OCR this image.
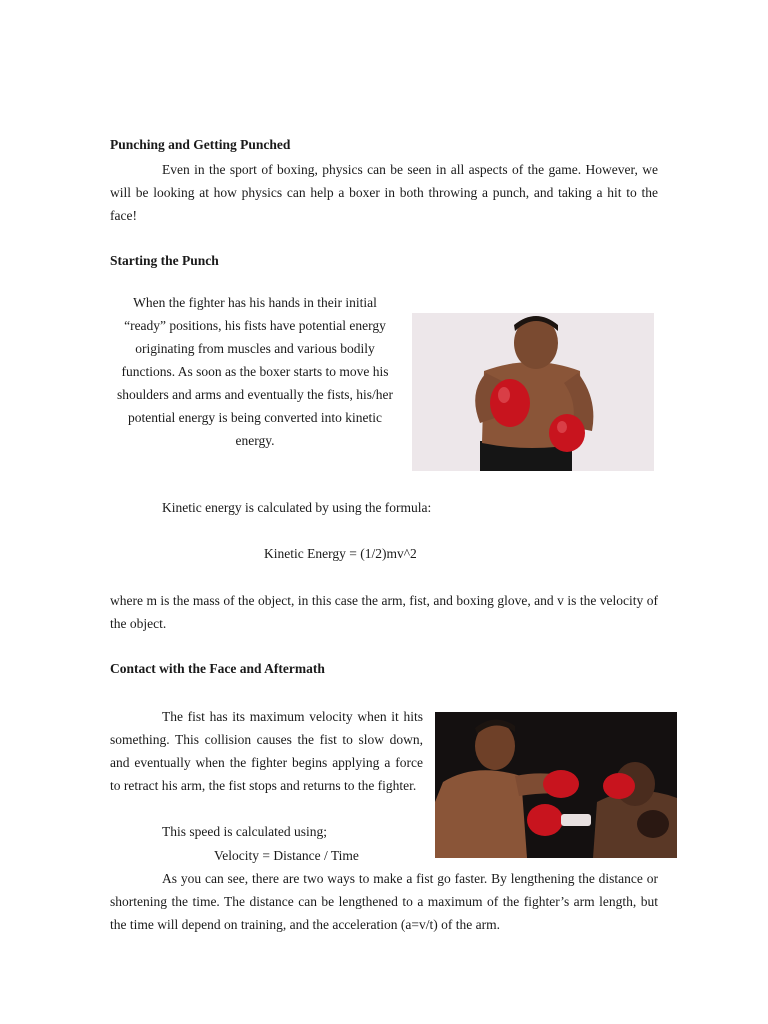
Punching and Getting Punched

Even in the sport of boxing, physics can be seen in all aspects of the game. However, we will be looking at how physics can help a boxer in both throwing a punch, and taking a hit to the face!

Starting the Punch

When the fighter has his hands in their initial “ready” positions, his fists have potential energy originating from muscles and various bodily functions. As soon as the boxer starts to move his shoulders and arms and eventually the fists, his/her potential energy is being converted into kinetic energy.

Kinetic energy is calculated by using the formula:

Kinetic Energy = (1/2)mv^2

where m is the mass of the object, in this case the arm, fist, and boxing glove, and v is the velocity of the object.

Contact with the Face and Aftermath

The fist has its maximum velocity when it hits something. This collision causes the fist to slow down, and eventually when the fighter begins applying a force to retract his arm, the fist stops and returns to the fighter.

This speed is calculated using;

Velocity = Distance / Time

As you can see, there are two ways to make a fist go faster. By lengthening the distance or shortening the time. The distance can be lengthened to a maximum of the fighter’s arm length, but the time will depend on training, and the acceleration (a=v/t) of the arm.
